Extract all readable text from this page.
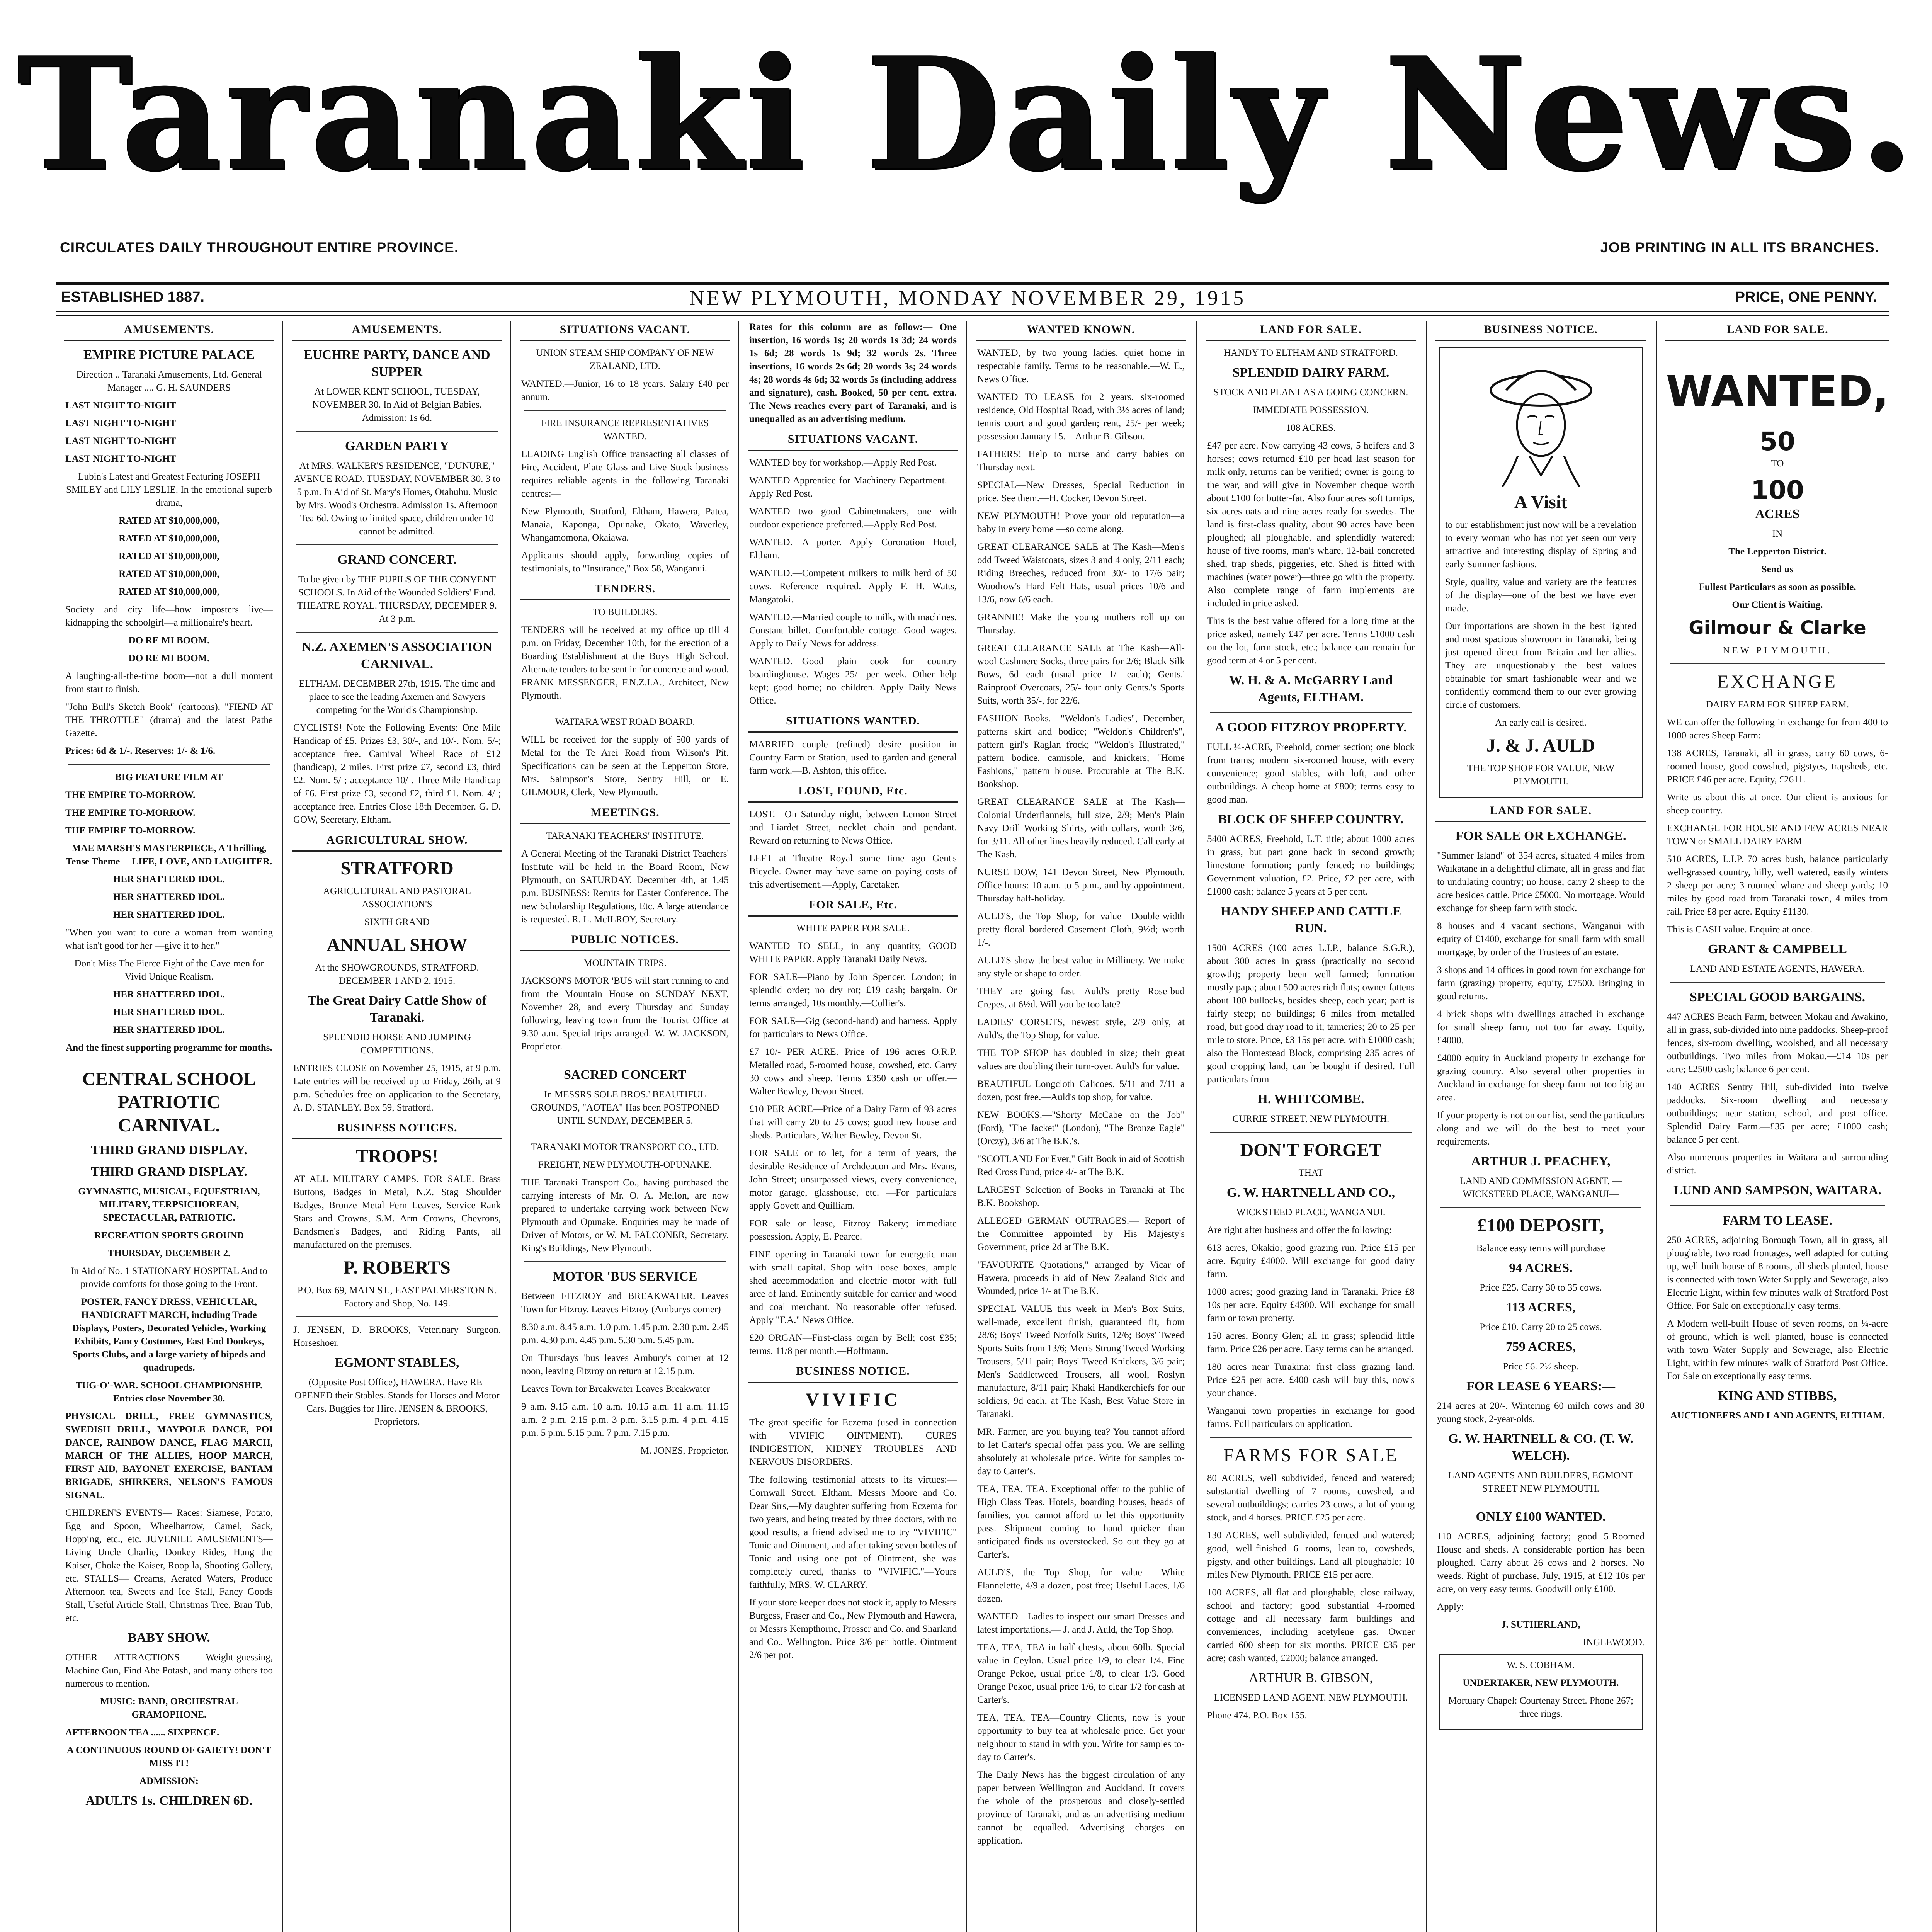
Taranaki Daily News.
CIRCULATES DAILY THROUGHOUT ENTIRE PROVINCE.	JOB PRINTING IN ALL ITS BRANCHES.
ESTABLISHED 1887.	NEW PLYMOUTH, MONDAY NOVEMBER 29, 1915	PRICE, ONE PENNY.
AMUSEMENTS.
EMPIRE PICTURE PALACE
Direction .. Taranaki Amusements, Ltd. General Manager .... G. H. SAUNDERS
LAST NIGHT TO-NIGHT
LAST NIGHT TO-NIGHT
LAST NIGHT TO-NIGHT
LAST NIGHT TO-NIGHT
Lubin's Latest and Greatest Featuring JOSEPH SMILEY and LILY LESLIE. In the emotional superb drama,
RATED AT $10,000,000,
RATED AT $10,000,000,
RATED AT $10,000,000,
RATED AT $10,000,000,
RATED AT $10,000,000,
Society and city life—how imposters live—kidnapping the schoolgirl—a millionaire's heart.
DO RE MI BOOM.
DO RE MI BOOM.
A laughing-all-the-time boom—not a dull moment from start to finish.
"John Bull's Sketch Book" (cartoons), "FIEND AT THE THROTTLE" (drama) and the latest Pathe Gazette.
Prices: 6d & 1/-. Reserves: 1/- & 1/6.
BIG FEATURE FILM AT
THE EMPIRE TO-MORROW.
THE EMPIRE TO-MORROW.
THE EMPIRE TO-MORROW.
MAE MARSH'S MASTERPIECE, A Thrilling, Tense Theme— LIFE, LOVE, AND LAUGHTER.
HER SHATTERED IDOL.
HER SHATTERED IDOL.
HER SHATTERED IDOL.
"When you want to cure a woman from wanting what isn't good for her —give it to her."
Don't Miss The Fierce Fight of the Cave-men for Vivid Unique Realism.
HER SHATTERED IDOL.
HER SHATTERED IDOL.
HER SHATTERED IDOL.
And the finest supporting programme for months.
CENTRAL SCHOOL PATRIOTIC CARNIVAL.
THIRD GRAND DISPLAY.
THIRD GRAND DISPLAY.
GYMNASTIC, MUSICAL, EQUESTRIAN, MILITARY, TERPSICHOREAN, SPECTACULAR, PATRIOTIC.
RECREATION SPORTS GROUND
THURSDAY, DECEMBER 2.
In Aid of No. 1 STATIONARY HOSPITAL And to provide comforts for those going to the Front.
POSTER, FANCY DRESS, VEHICULAR, HANDICRAFT MARCH, including Trade Displays, Posters, Decorated Vehicles, Working Exhibits, Fancy Costumes, East End Donkeys, Sports Clubs, and a large variety of bipeds and quadrupeds.
TUG-O'-WAR. SCHOOL CHAMPIONSHIP. Entries close November 30.
PHYSICAL DRILL, FREE GYMNASTICS, SWEDISH DRILL, MAYPOLE DANCE, POI DANCE, RAINBOW DANCE, FLAG MARCH, MARCH OF THE ALLIES, HOOP MARCH, FIRST AID, BAYONET EXERCISE, BANTAM BRIGADE, SHIRKERS, NELSON'S FAMOUS SIGNAL.
CHILDREN'S EVENTS— Races: Siamese, Potato, Egg and Spoon, Wheelbarrow, Camel, Sack, Hopping, etc., etc. JUVENILE AMUSEMENTS— Living Uncle Charlie, Donkey Rides, Hang the Kaiser, Choke the Kaiser, Roop-la, Shooting Gallery, etc. STALLS— Creams, Aerated Waters, Produce Afternoon tea, Sweets and Ice Stall, Fancy Goods Stall, Useful Article Stall, Christmas Tree, Bran Tub, etc.
BABY SHOW.
OTHER ATTRACTIONS— Weight-guessing, Machine Gun, Find Abe Potash, and many others too numerous to mention.
MUSIC: BAND, ORCHESTRAL GRAMOPHONE.
AFTERNOON TEA ...... SIXPENCE.
A CONTINUOUS ROUND OF GAIETY! DON'T MISS IT!
ADMISSION:
ADULTS 1s. CHILDREN 6D.
AMUSEMENTS.
EUCHRE PARTY, DANCE AND SUPPER
At LOWER KENT SCHOOL, TUESDAY, NOVEMBER 30. In Aid of Belgian Babies. Admission: 1s 6d.
GARDEN PARTY
At MRS. WALKER'S RESIDENCE, "DUNURE," AVENUE ROAD. TUESDAY, NOVEMBER 30. 3 to 5 p.m. In Aid of St. Mary's Homes, Otahuhu. Music by Mrs. Wood's Orchestra. Admission 1s. Afternoon Tea 6d. Owing to limited space, children under 10 cannot be admitted.
GRAND CONCERT.
To be given by THE PUPILS OF THE CONVENT SCHOOLS. In Aid of the Wounded Soldiers' Fund. THEATRE ROYAL. THURSDAY, DECEMBER 9. At 3 p.m.
N.Z. AXEMEN'S ASSOCIATION CARNIVAL.
ELTHAM. DECEMBER 27th, 1915. The time and place to see the leading Axemen and Sawyers competing for the World's Championship.
CYCLISTS! Note the Following Events: One Mile Handicap of £5. Prizes £3, 30/-, and 10/-. Nom. 5/-; acceptance free. Carnival Wheel Race of £12 (handicap), 2 miles. First prize £7, second £3, third £2. Nom. 5/-; acceptance 10/-. Three Mile Handicap of £6. First prize £3, second £2, third £1. Nom. 4/-; acceptance free. Entries Close 18th December. G. D. GOW, Secretary, Eltham.
AGRICULTURAL SHOW.
STRATFORD
AGRICULTURAL AND PASTORAL ASSOCIATION'S
SIXTH GRAND
ANNUAL SHOW
At the SHOWGROUNDS, STRATFORD. DECEMBER 1 AND 2, 1915.
The Great Dairy Cattle Show of Taranaki.
SPLENDID HORSE AND JUMPING COMPETITIONS.
ENTRIES CLOSE on November 25, 1915, at 9 p.m. Late entries will be received up to Friday, 26th, at 9 p.m. Schedules free on application to the Secretary, A. D. STANLEY. Box 59, Stratford.
BUSINESS NOTICES.
TROOPS!
AT ALL MILITARY CAMPS. FOR SALE. Brass Buttons, Badges in Metal, N.Z. Stag Shoulder Badges, Bronze Metal Fern Leaves, Service Rank Stars and Crowns, S.M. Arm Crowns, Chevrons, Bandsmen's Badges, and Riding Pants, all manufactured on the premises.
P. ROBERTS
P.O. Box 69, MAIN ST., EAST PALMERSTON N. Factory and Shop, No. 149.
J. JENSEN, D. BROOKS, Veterinary Surgeon. Horseshoer.
EGMONT STABLES,
(Opposite Post Office), HAWERA. Have RE-OPENED their Stables. Stands for Horses and Motor Cars. Buggies for Hire. JENSEN & BROOKS, Proprietors.
SITUATIONS VACANT.
UNION STEAM SHIP COMPANY OF NEW ZEALAND, LTD.
WANTED.—Junior, 16 to 18 years. Salary £40 per annum.
FIRE INSURANCE REPRESENTATIVES WANTED.
LEADING English Office transacting all classes of Fire, Accident, Plate Glass and Live Stock business requires reliable agents in the following Taranaki centres:—
New Plymouth, Stratford, Eltham, Hawera, Patea, Manaia, Kaponga, Opunake, Okato, Waverley, Whangamomona, Okaiawa.
Applicants should apply, forwarding copies of testimonials, to "Insurance," Box 58, Wanganui.
TENDERS.
TO BUILDERS.
TENDERS will be received at my office up till 4 p.m. on Friday, December 10th, for the erection of a Boarding Establishment at the Boys' High School. Alternate tenders to be sent in for concrete and wood. FRANK MESSENGER, F.N.Z.I.A., Architect, New Plymouth.
WAITARA WEST ROAD BOARD.
WILL be received for the supply of 500 yards of Metal for the Te Arei Road from Wilson's Pit. Specifications can be seen at the Lepperton Store, Mrs. Saimpson's Store, Sentry Hill, or E. GILMOUR, Clerk, New Plymouth.
MEETINGS.
TARANAKI TEACHERS' INSTITUTE.
A General Meeting of the Taranaki District Teachers' Institute will be held in the Board Room, New Plymouth, on SATURDAY, December 4th, at 1.45 p.m. BUSINESS: Remits for Easter Conference. The new Scholarship Regulations, Etc. A large attendance is requested. R. L. McILROY, Secretary.
PUBLIC NOTICES.
MOUNTAIN TRIPS.
JACKSON'S MOTOR 'BUS will start running to and from the Mountain House on SUNDAY NEXT, November 28, and every Thursday and Sunday following, leaving town from the Tourist Office at 9.30 a.m. Special trips arranged. W. W. JACKSON, Proprietor.
SACRED CONCERT
In MESSRS SOLE BROS.' BEAUTIFUL GROUNDS, "AOTEA" Has been POSTPONED UNTIL SUNDAY, DECEMBER 5.
TARANAKI MOTOR TRANSPORT CO., LTD.
FREIGHT, NEW PLYMOUTH-OPUNAKE.
THE Taranaki Transport Co., having purchased the carrying interests of Mr. O. A. Mellon, are now prepared to undertake carrying work between New Plymouth and Opunake. Enquiries may be made of Driver of Motors, or W. M. FALCONER, Secretary. King's Buildings, New Plymouth.
MOTOR 'BUS SERVICE
Between FITZROY and BREAKWATER. Leaves Town for Fitzroy. Leaves Fitzroy (Amburys corner)
8.30 a.m. 8.45 a.m. 1.0 p.m. 1.45 p.m. 2.30 p.m. 2.45 p.m. 4.30 p.m. 4.45 p.m. 5.30 p.m. 5.45 p.m.
On Thursdays 'bus leaves Ambury's corner at 12 noon, leaving Fitzroy on return at 12.15 p.m.
Leaves Town for Breakwater Leaves Breakwater
9 a.m. 9.15 a.m. 10 a.m. 10.15 a.m. 11 a.m. 11.15 a.m. 2 p.m. 2.15 p.m. 3 p.m. 3.15 p.m. 4 p.m. 4.15 p.m. 5 p.m. 5.15 p.m. 7 p.m. 7.15 p.m.
M. JONES, Proprietor.
Rates for this column are as follow:— One insertion, 16 words 1s; 20 words 1s 3d; 24 words 1s 6d; 28 words 1s 9d; 32 words 2s. Three insertions, 16 words 2s 6d; 20 words 3s; 24 words 4s; 28 words 4s 6d; 32 words 5s (including address and signature), cash. Booked, 50 per cent. extra. The News reaches every part of Taranaki, and is unequalled as an advertising medium.
SITUATIONS VACANT.
WANTED boy for workshop.—Apply Red Post.
WANTED Apprentice for Machinery Department.—Apply Red Post.
WANTED two good Cabinetmakers, one with outdoor experience preferred.—Apply Red Post.
WANTED.—A porter. Apply Coronation Hotel, Eltham.
WANTED.—Competent milkers to milk herd of 50 cows. Reference required. Apply F. H. Watts, Mangatoki.
WANTED.—Married couple to milk, with machines. Constant billet. Comfortable cottage. Good wages. Apply to Daily News for address.
WANTED.—Good plain cook for country boardinghouse. Wages 25/- per week. Other help kept; good home; no children. Apply Daily News Office.
SITUATIONS WANTED.
MARRIED couple (refined) desire position in Country Farm or Station, used to garden and general farm work.—B. Ashton, this office.
LOST, FOUND, Etc.
LOST.—On Saturday night, between Lemon Street and Liardet Street, necklet chain and pendant. Reward on returning to News Office.
LEFT at Theatre Royal some time ago Gent's Bicycle. Owner may have same on paying costs of this advertisement.—Apply, Caretaker.
FOR SALE, Etc.
WHITE PAPER FOR SALE.
WANTED TO SELL, in any quantity, GOOD WHITE PAPER. Apply Taranaki Daily News.
FOR SALE—Piano by John Spencer, London; in splendid order; no dry rot; £19 cash; bargain. Or terms arranged, 10s monthly.—Collier's.
FOR SALE—Gig (second-hand) and harness. Apply for particulars to News Office.
£7 10/- PER ACRE. Price of 196 acres O.R.P. Metalled road, 5-roomed house, cowshed, etc. Carry 30 cows and sheep. Terms £350 cash or offer.—Walter Bewley, Devon Street.
£10 PER ACRE—Price of a Dairy Farm of 93 acres that will carry 20 to 25 cows; good new house and sheds. Particulars, Walter Bewley, Devon St.
FOR SALE or to let, for a term of years, the desirable Residence of Archdeacon and Mrs. Evans, John Street; unsurpassed views, every convenience, motor garage, glasshouse, etc. —For particulars apply Govett and Quilliam.
FOR sale or lease, Fitzroy Bakery; immediate possession. Apply, E. Pearce.
FINE opening in Taranaki town for energetic man with small capital. Shop with loose boxes, ample shed accommodation and electric motor with full arce of land. Eminently suitable for carrier and wood and coal merchant. No reasonable offer refused. Apply "F.A." News Office.
£20 ORGAN—First-class organ by Bell; cost £35; terms, 11/8 per month.—Hoffmann.
BUSINESS NOTICE.
VIVIFIC
The great specific for Eczema (used in connection with VIVIFIC OINTMENT). CURES INDIGESTION, KIDNEY TROUBLES AND NERVOUS DISORDERS.
The following testimonial attests to its virtues:— Cornwall Street, Eltham. Messrs Moore and Co. Dear Sirs,—My daughter suffering from Eczema for two years, and being treated by three doctors, with no good results, a friend advised me to try "VIVIFIC" Tonic and Ointment, and after taking seven bottles of Tonic and using one pot of Ointment, she was completely cured, thanks to "VIVIFIC."—Yours faithfully, MRS. W. CLARRY.
If your store keeper does not stock it, apply to Messrs Burgess, Fraser and Co., New Plymouth and Hawera, or Messrs Kempthorne, Prosser and Co. and Sharland and Co., Wellington. Price 3/6 per bottle. Ointment 2/6 per pot.
WANTED KNOWN.
WANTED, by two young ladies, quiet home in respectable family. Terms to be reasonable.—W. E., News Office.
WANTED TO LEASE for 2 years, six-roomed residence, Old Hospital Road, with 3½ acres of land; tennis court and good garden; rent, 25/- per week; possession January 15.—Arthur B. Gibson.
FATHERS! Help to nurse and carry babies on Thursday next.
SPECIAL—New Dresses, Special Reduction in price. See them.—H. Cocker, Devon Street.
NEW PLYMOUTH! Prove your old reputation—a baby in every home —so come along.
GREAT CLEARANCE SALE at The Kash—Men's odd Tweed Waistcoats, sizes 3 and 4 only, 2/11 each; Riding Breeches, reduced from 30/- to 17/6 pair; Woodrow's Hard Felt Hats, usual prices 10/6 and 13/6, now 6/6 each.
GRANNIE! Make the young mothers roll up on Thursday.
GREAT CLEARANCE SALE at The Kash—All-wool Cashmere Socks, three pairs for 2/6; Black Silk Bows, 6d each (usual price 1/- each); Gents.' Rainproof Overcoats, 25/- four only Gents.'s Sports Suits, worth 35/-, for 22/6.
FASHION Books.—"Weldon's Ladies", December, patterns skirt and bodice; "Weldon's Children's", pattern girl's Raglan frock; "Weldon's Illustrated," pattern bodice, camisole, and knickers; "Home Fashions," pattern blouse. Procurable at The B.K. Bookshop.
GREAT CLEARANCE SALE at The Kash—Colonial Underflannels, full size, 2/9; Men's Plain Navy Drill Working Shirts, with collars, worth 3/6, for 3/11. All other lines heavily reduced. Call early at The Kash.
NURSE DOW, 141 Devon Street, New Plymouth. Office hours: 10 a.m. to 5 p.m., and by appointment. Thursday half-holiday.
AULD'S, the Top Shop, for value—Double-width pretty floral bordered Casement Cloth, 9½d; worth 1/-.
AULD'S show the best value in Millinery. We make any style or shape to order.
THEY are going fast—Auld's pretty Rose-bud Crepes, at 6½d. Will you be too late?
LADIES' CORSETS, newest style, 2/9 only, at Auld's, the Top Shop, for value.
THE TOP SHOP has doubled in size; their great values are doubling their turn-over. Auld's for value.
BEAUTIFUL Longcloth Calicoes, 5/11 and 7/11 a dozen, post free.—Auld's top shop, for value.
NEW BOOKS.—"Shorty McCabe on the Job" (Ford), "The Jacket" (London), "The Bronze Eagle" (Orczy), 3/6 at The B.K.'s.
"SCOTLAND For Ever," Gift Book in aid of Scottish Red Cross Fund, price 4/- at The B.K.
LARGEST Selection of Books in Taranaki at The B.K. Bookshop.
ALLEGED GERMAN OUTRAGES.— Report of the Committee appointed by His Majesty's Government, price 2d at The B.K.
"FAVOURITE Quotations," arranged by Vicar of Hawera, proceeds in aid of New Zealand Sick and Wounded, price 1/- at The B.K.
SPECIAL VALUE this week in Men's Box Suits, well-made, excellent finish, guaranteed fit, from 28/6; Boys' Tweed Norfolk Suits, 12/6; Boys' Tweed Sports Suits from 13/6; Men's Strong Tweed Working Trousers, 5/11 pair; Boys' Tweed Knickers, 3/6 pair; Men's Saddletweed Trousers, all wool, Roslyn manufacture, 8/11 pair; Khaki Handkerchiefs for our soldiers, 9d each, at The Kash, Best Value Store in Taranaki.
MR. Farmer, are you buying tea? You cannot afford to let Carter's special offer pass you. We are selling absolutely at wholesale price. Write for samples to-day to Carter's.
TEA, TEA, TEA. Exceptional offer to the public of High Class Teas. Hotels, boarding houses, heads of families, you cannot afford to let this opportunity pass. Shipment coming to hand quicker than anticipated finds us overstocked. So out they go at Carter's.
AULD'S, the Top Shop, for value— White Flannelette, 4/9 a dozen, post free; Useful Laces, 1/6 dozen.
WANTED—Ladies to inspect our smart Dresses and latest importations.— J. and J. Auld, the Top Shop.
TEA, TEA, TEA in half chests, about 60lb. Special value in Ceylon. Usual price 1/9, to clear 1/4. Fine Orange Pekoe, usual price 1/8, to clear 1/3. Good Orange Pekoe, usual price 1/6, to clear 1/2 for cash at Carter's.
TEA, TEA, TEA—Country Clients, now is your opportunity to buy tea at wholesale price. Get your neighbour to stand in with you. Write for samples to-day to Carter's.
The Daily News has the biggest circulation of any paper between Wellington and Auckland. It covers the whole of the prosperous and closely-settled province of Taranaki, and as an advertising medium cannot be equalled. Advertising charges on application.
LAND FOR SALE.
HANDY TO ELTHAM AND STRATFORD.
SPLENDID DAIRY FARM.
STOCK AND PLANT AS A GOING CONCERN.
IMMEDIATE POSSESSION.
108 ACRES.
£47 per acre. Now carrying 43 cows, 5 heifers and 3 horses; cows returned £10 per head last season for milk only, returns can be verified; owner is going to the war, and will give in November cheque worth about £100 for butter-fat. Also four acres soft turnips, six acres oats and nine acres ready for swedes. The land is first-class quality, about 90 acres have been ploughed; all ploughable, and splendidly watered; house of five rooms, man's whare, 12-bail concreted shed, trap sheds, piggeries, etc. Shed is fitted with machines (water power)—three go with the property. Also complete range of farm implements are included in price asked.
This is the best value offered for a long time at the price asked, namely £47 per acre. Terms £1000 cash on the lot, farm stock, etc.; balance can remain for good term at 4 or 5 per cent.
W. H. & A. McGARRY Land Agents, ELTHAM.
A GOOD FITZROY PROPERTY.
FULL ¼-ACRE, Freehold, corner section; one block from trams; modern six-roomed house, with every convenience; good stables, with loft, and other outbuildings. A cheap home at £800; terms easy to good man.
BLOCK OF SHEEP COUNTRY.
5400 ACRES, Freehold, L.T. title; about 1000 acres in grass, but part gone back in second growth; limestone formation; partly fenced; no buildings; Government valuation, £2. Price, £2 per acre, with £1000 cash; balance 5 years at 5 per cent.
HANDY SHEEP AND CATTLE RUN.
1500 ACRES (100 acres L.I.P., balance S.G.R.), about 300 acres in grass (practically no second growth); property been well farmed; formation mostly papa; about 500 acres rich flats; owner fattens about 100 bullocks, besides sheep, each year; part is fairly steep; no buildings; 6 miles from metalled road, but good dray road to it; tanneries; 20 to 25 per mile to store. Price, £3 15s per acre, with £1000 cash; also the Homestead Block, comprising 235 acres of good cropping land, can be bought if desired. Full particulars from
H. WHITCOMBE.
CURRIE STREET, NEW PLYMOUTH.
DON'T FORGET
THAT
G. W. HARTNELL AND CO.,
WICKSTEED PLACE, WANGANUI.
Are right after business and offer the following:
613 acres, Okakio; good grazing run. Price £15 per acre. Equity £4000. Will exchange for good dairy farm.
1000 acres; good grazing land in Taranaki. Price £8 10s per acre. Equity £4300. Will exchange for small farm or town property.
150 acres, Bonny Glen; all in grass; splendid little farm. Price £26 per acre. Easy terms can be arranged.
180 acres near Turakina; first class grazing land. Price £25 per acre. £400 cash will buy this, now's your chance.
Wanganui town properties in exchange for good farms. Full particulars on application.
FARMS FOR SALE
80 ACRES, well subdivided, fenced and watered; substantial dwelling of 7 rooms, cowshed, and several outbuildings; carries 23 cows, a lot of young stock, and 4 horses. PRICE £25 per acre.
130 ACRES, well subdivided, fenced and watered; good, well-finished 6 rooms, lean-to, cowsheds, pigsty, and other buildings. Land all ploughable; 10 miles New Plymouth. PRICE £15 per acre.
100 ACRES, all flat and ploughable, close railway, school and factory; good substantial 4-roomed cottage and all necessary farm buildings and conveniences, including acetylene gas. Owner carried 600 sheep for six months. PRICE £35 per acre; cash wanted, £2000; balance arranged.
ARTHUR B. GIBSON,
LICENSED LAND AGENT. NEW PLYMOUTH.
Phone 474. P.O. Box 155.
BUSINESS NOTICE.
A Visit
to our establishment just now will be a revelation to every woman who has not yet seen our very attractive and interesting display of Spring and early Summer fashions.
Style, quality, value and variety are the features of the display—one of the best we have ever made.
Our importations are shown in the best lighted and most spacious showroom in Taranaki, being just opened direct from Britain and her allies. They are unquestionably the best values obtainable for smart fashionable wear and we confidently commend them to our ever growing circle of customers.
An early call is desired.
J. & J. AULD
THE TOP SHOP FOR VALUE, NEW PLYMOUTH.
LAND FOR SALE.
FOR SALE OR EXCHANGE.
"Summer Island" of 354 acres, situated 4 miles from Waikatane in a delightful climate, all in grass and flat to undulating country; no house; carry 2 sheep to the acre besides cattle. Price £5000. No mortgage. Would exchange for sheep farm with stock.
8 houses and 4 vacant sections, Wanganui with equity of £1400, exchange for small farm with small mortgage, by order of the Trustees of an estate.
3 shops and 14 offices in good town for exchange for farm (grazing) property, equity, £7500. Bringing in good returns.
4 brick shops with dwellings attached in exchange for small sheep farm, not too far away. Equity, £4000.
£4000 equity in Auckland property in exchange for grazing country. Also several other properties in Auckland in exchange for sheep farm not too big an area.
If your property is not on our list, send the particulars along and we will do the best to meet your requirements.
ARTHUR J. PEACHEY,
LAND AND COMMISSION AGENT, —WICKSTEED PLACE, WANGANUI—
£100 DEPOSIT,
Balance easy terms will purchase
94 ACRES.
Price £25. Carry 30 to 35 cows.
113 ACRES,
Price £10. Carry 20 to 25 cows.
759 ACRES,
Price £6. 2½ sheep.
FOR LEASE 6 YEARS:—
214 acres at 20/-. Wintering 60 milch cows and 30 young stock, 2-year-olds.
G. W. HARTNELL & CO. (T. W. WELCH).
LAND AGENTS AND BUILDERS, EGMONT STREET NEW PLYMOUTH.
ONLY £100 WANTED.
110 ACRES, adjoining factory; good 5-Roomed House and sheds. A considerable portion has been ploughed. Carry about 26 cows and 2 horses. No weeds. Right of purchase, July, 1915, at £12 10s per acre, on very easy terms. Goodwill only £100.
Apply:
J. SUTHERLAND,
INGLEWOOD.
W. S. COBHAM.
UNDERTAKER, NEW PLYMOUTH.
Mortuary Chapel: Courtenay Street. Phone 267; three rings.
LAND FOR SALE.
WANTED,
50
TO
100
ACRES
IN
The Lepperton District.
Send us
Fullest Particulars as soon as possible.
Our Client is Waiting.
Gilmour & Clarke
NEW PLYMOUTH.
EXCHANGE
DAIRY FARM FOR SHEEP FARM.
WE can offer the following in exchange for from 400 to 1000-acres Sheep Farm:—
138 ACRES, Taranaki, all in grass, carry 60 cows, 6-roomed house, good cowshed, pigstyes, trapsheds, etc. PRICE £46 per acre. Equity, £2611.
Write us about this at once. Our client is anxious for sheep country.
EXCHANGE FOR HOUSE AND FEW ACRES NEAR TOWN or SMALL DAIRY FARM—
510 ACRES, L.I.P. 70 acres bush, balance particularly well-grassed country, hilly, well watered, easily winters 2 sheep per acre; 3-roomed whare and sheep yards; 10 miles by good road from Taranaki town, 4 miles from rail. Price £8 per acre. Equity £1130.
This is CASH value. Enquire at once.
GRANT & CAMPBELL
LAND AND ESTATE AGENTS, HAWERA.
SPECIAL GOOD BARGAINS.
447 ACRES Beach Farm, between Mokau and Awakino, all in grass, sub-divided into nine paddocks. Sheep-proof fences, six-room dwelling, woolshed, and all necessary outbuildings. Two miles from Mokau.—£14 10s per acre; £2500 cash; balance 6 per cent.
140 ACRES Sentry Hill, sub-divided into twelve paddocks. Six-room dwelling and necessary outbuildings; near station, school, and post office. Splendid Dairy Farm.—£35 per acre; £1000 cash; balance 5 per cent.
Also numerous properties in Waitara and surrounding district.
LUND AND SAMPSON, WAITARA.
FARM TO LEASE.
250 ACRES, adjoining Borough Town, all in grass, all ploughable, two road frontages, well adapted for cutting up, well-built house of 8 rooms, all sheds planted, house is connected with town Water Supply and Sewerage, also Electric Light, within few minutes walk of Stratford Post Office. For Sale on exceptionally easy terms.
A Modern well-built House of seven rooms, on ¼-acre of ground, which is well planted, house is connected with town Water Supply and Sewerage, also Electric Light, within few minutes' walk of Stratford Post Office. For Sale on exceptionally easy terms.
KING AND STIBBS,
AUCTIONEERS AND LAND AGENTS, ELTHAM.
